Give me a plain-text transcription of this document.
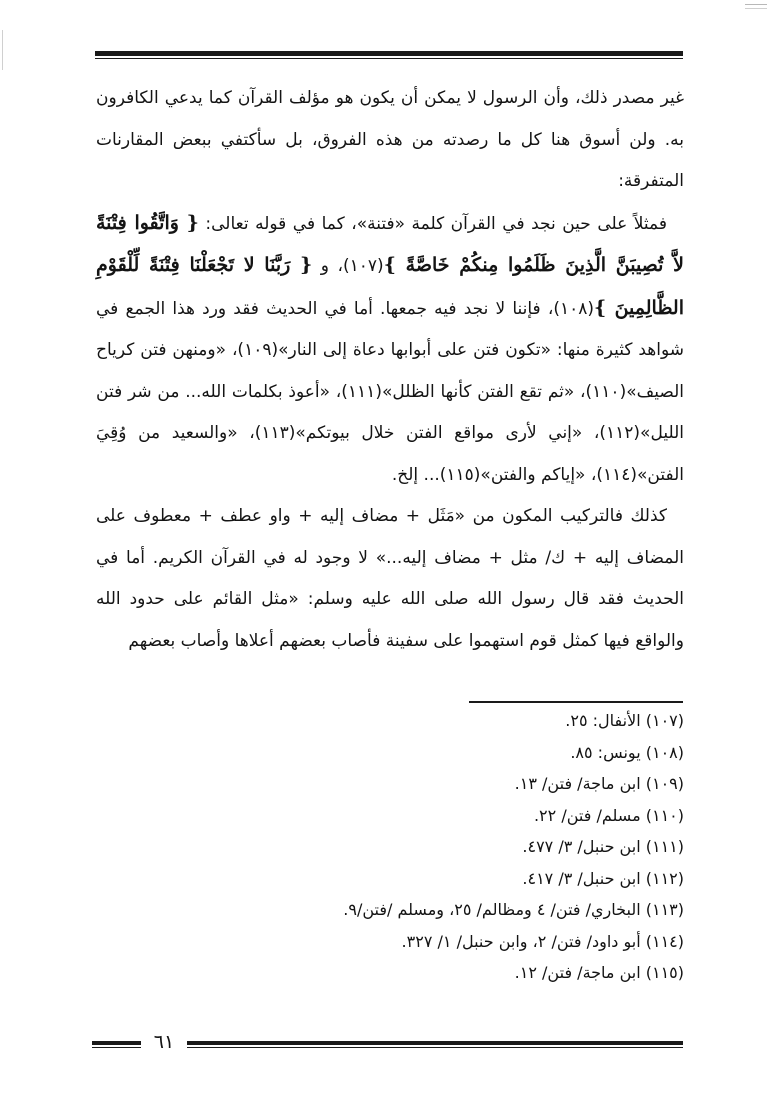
غير مصدر ذلك، وأن الرسول لا يمكن أن يكون هو مؤلف القرآن كما يدعي الكافرون به. ولن أسوق هنا كل ما رصدته من هذه الفروق، بل سأكتفي ببعض المقارنات المتفرقة:

 فمثلاً على حين نجد في القرآن كلمة «فتنة»، كما في قوله تعالى: { وَاتَّقُوا فِتْنَةً لاَّ تُصِيبَنَّ الَّذِينَ ظَلَمُوا مِنكُمْ خَاصَّةً }(١٠٧)، و { رَبَّنَا لا تَجْعَلْنَا فِتْنَةً لِّلْقَوْمِ الظَّالِمِينَ }(١٠٨)، فإننا لا نجد فيه جمعها. أما في الحديث فقد ورد هذا الجمع في شواهد كثيرة منها: «تكون فتن على أبوابها دعاة إلى النار»(١٠٩)، «ومنهن فتن كرياح الصيف»(١١٠)، «ثم تقع الفتن كأنها الظلل»(١١١)، «أعوذ بكلمات الله... من شر فتن الليل»(١١٢)، «إني لأرى مواقع الفتن خلال بيوتكم»(١١٣)، «والسعيد من وُقِيَ الفتن»(١١٤)، «إياكم والفتن»(١١٥)... إلخ.

 كذلك فالتركيب المكون من «مَثَل + مضاف إليه + واو عطف + معطوف على المضاف إليه + ك/ مثل + مضاف إليه...» لا وجود له في القرآن الكريم. أما في الحديث فقد قال رسول الله صلى الله عليه وسلم: «مثل القائم على حدود الله والواقع فيها كمثل قوم استهموا على سفينة فأصاب بعضهم أعلاها وأصاب بعضهم

(١٠٧) الأنفال: ٢٥.
(١٠٨) يونس: ٨٥.
(١٠٩) ابن ماجة/ فتن/ ١٣.
(١١٠) مسلم/ فتن/ ٢٢.
(١١١) ابن حنبل/ ٣/ ٤٧٧.
(١١٢) ابن حنبل/ ٣/ ٤١٧.
(١١٣) البخاري/ فتن/ ٤ ومظالم/ ٢٥، ومسلم /فتن/٩.
(١١٤) أبو داود/ فتن/ ٢، وابن حنبل/ ١/ ٣٢٧.
(١١٥) ابن ماجة/ فتن/ ١٢.
٦١
